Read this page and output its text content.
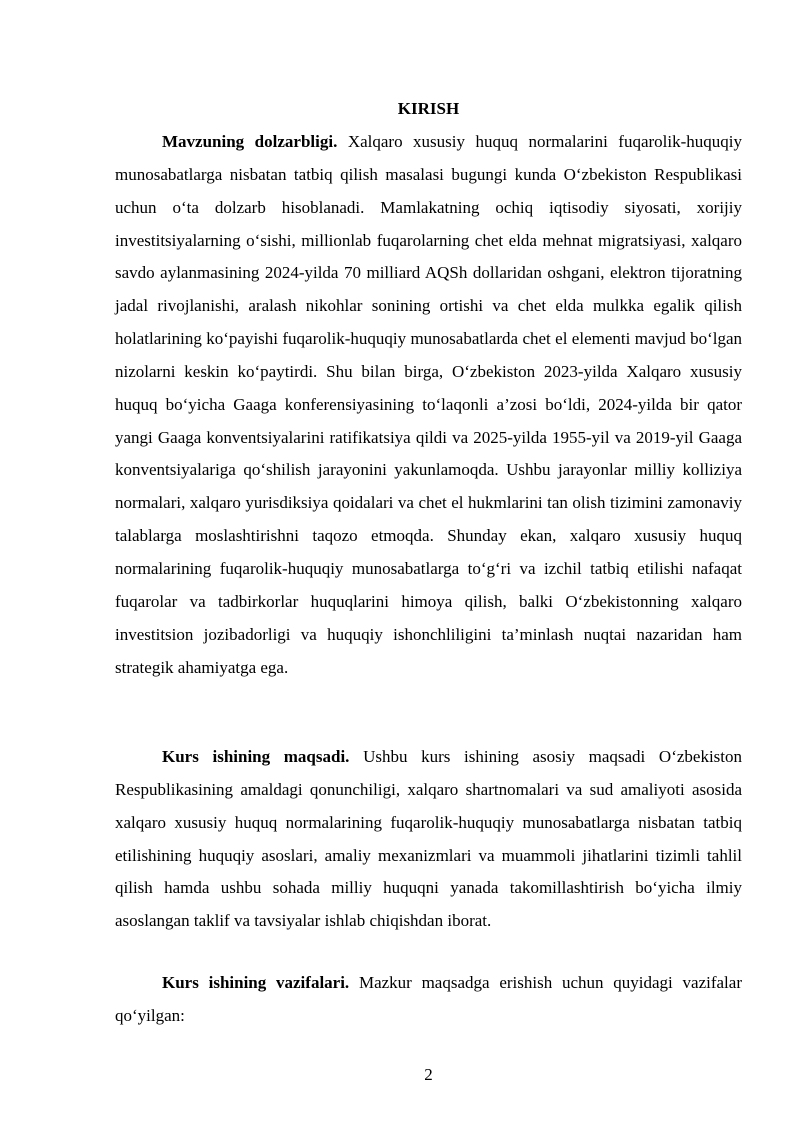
KIRISH

Mavzuning dolzarbligi. Xalqaro xususiy huquq normalarini fuqarolik-huquqiy munosabatlarga nisbatan tatbiq qilish masalasi bugungi kunda O‘zbekiston Respublikasi uchun o‘ta dolzarb hisoblanadi. Mamlakatning ochiq iqtisodiy siyosati, xorijiy investitsiyalarning o‘sishi, millionlab fuqarolarning chet elda mehnat migratsiyasi, xalqaro savdo aylanmasining 2024-yilda 70 milliard AQSh dollaridan oshgani, elektron tijoratning jadal rivojlanishi, aralash nikohlar sonining ortishi va chet elda mulkka egalik qilish holatlarining ko‘payishi fuqarolik-huquqiy munosabatlarda chet el elementi mavjud bo‘lgan nizolarni keskin ko‘paytirdi. Shu bilan birga, O‘zbekiston 2023-yilda Xalqaro xususiy huquq bo‘yicha Gaaga konferensiyasining to‘laqonli a’zosi bo‘ldi, 2024-yilda bir qator yangi Gaaga konventsiyalarini ratifikatsiya qildi va 2025-yilda 1955-yil va 2019-yil Gaaga konventsiyalariga qo‘shilish jarayonini yakunlamoqda. Ushbu jarayonlar milliy kolliziya normalari, xalqaro yurisdiksiya qoidalari va chet el hukmlarini tan olish tizimini zamonaviy talablarga moslashtirishni taqozo etmoqda. Shunday ekan, xalqaro xususiy huquq normalarining fuqarolik-huquqiy munosabatlarga to‘g‘ri va izchil tatbiq etilishi nafaqat fuqarolar va tadbirkorlar huquqlarini himoya qilish, balki O‘zbekistonning xalqaro investitsion jozibadorligi va huquqiy ishonchliligini ta’minlash nuqtai nazaridan ham strategik ahamiyatga ega.

Kurs ishining maqsadi. Ushbu kurs ishining asosiy maqsadi O‘zbekiston Respublikasining amaldagi qonunchiligi, xalqaro shartnomalari va sud amaliyoti asosida xalqaro xususiy huquq normalarining fuqarolik-huquqiy munosabatlarga nisbatan tatbiq etilishining huquqiy asoslari, amaliy mexanizmlari va muammoli jihatlarini tizimli tahlil qilish hamda ushbu sohada milliy huquqni yanada takomillashtirish bo‘yicha ilmiy asoslangan taklif va tavsiyalar ishlab chiqishdan iborat.

Kurs ishining vazifalari. Mazkur maqsadga erishish uchun quyidagi vazifalar qo‘yilgan:

2
